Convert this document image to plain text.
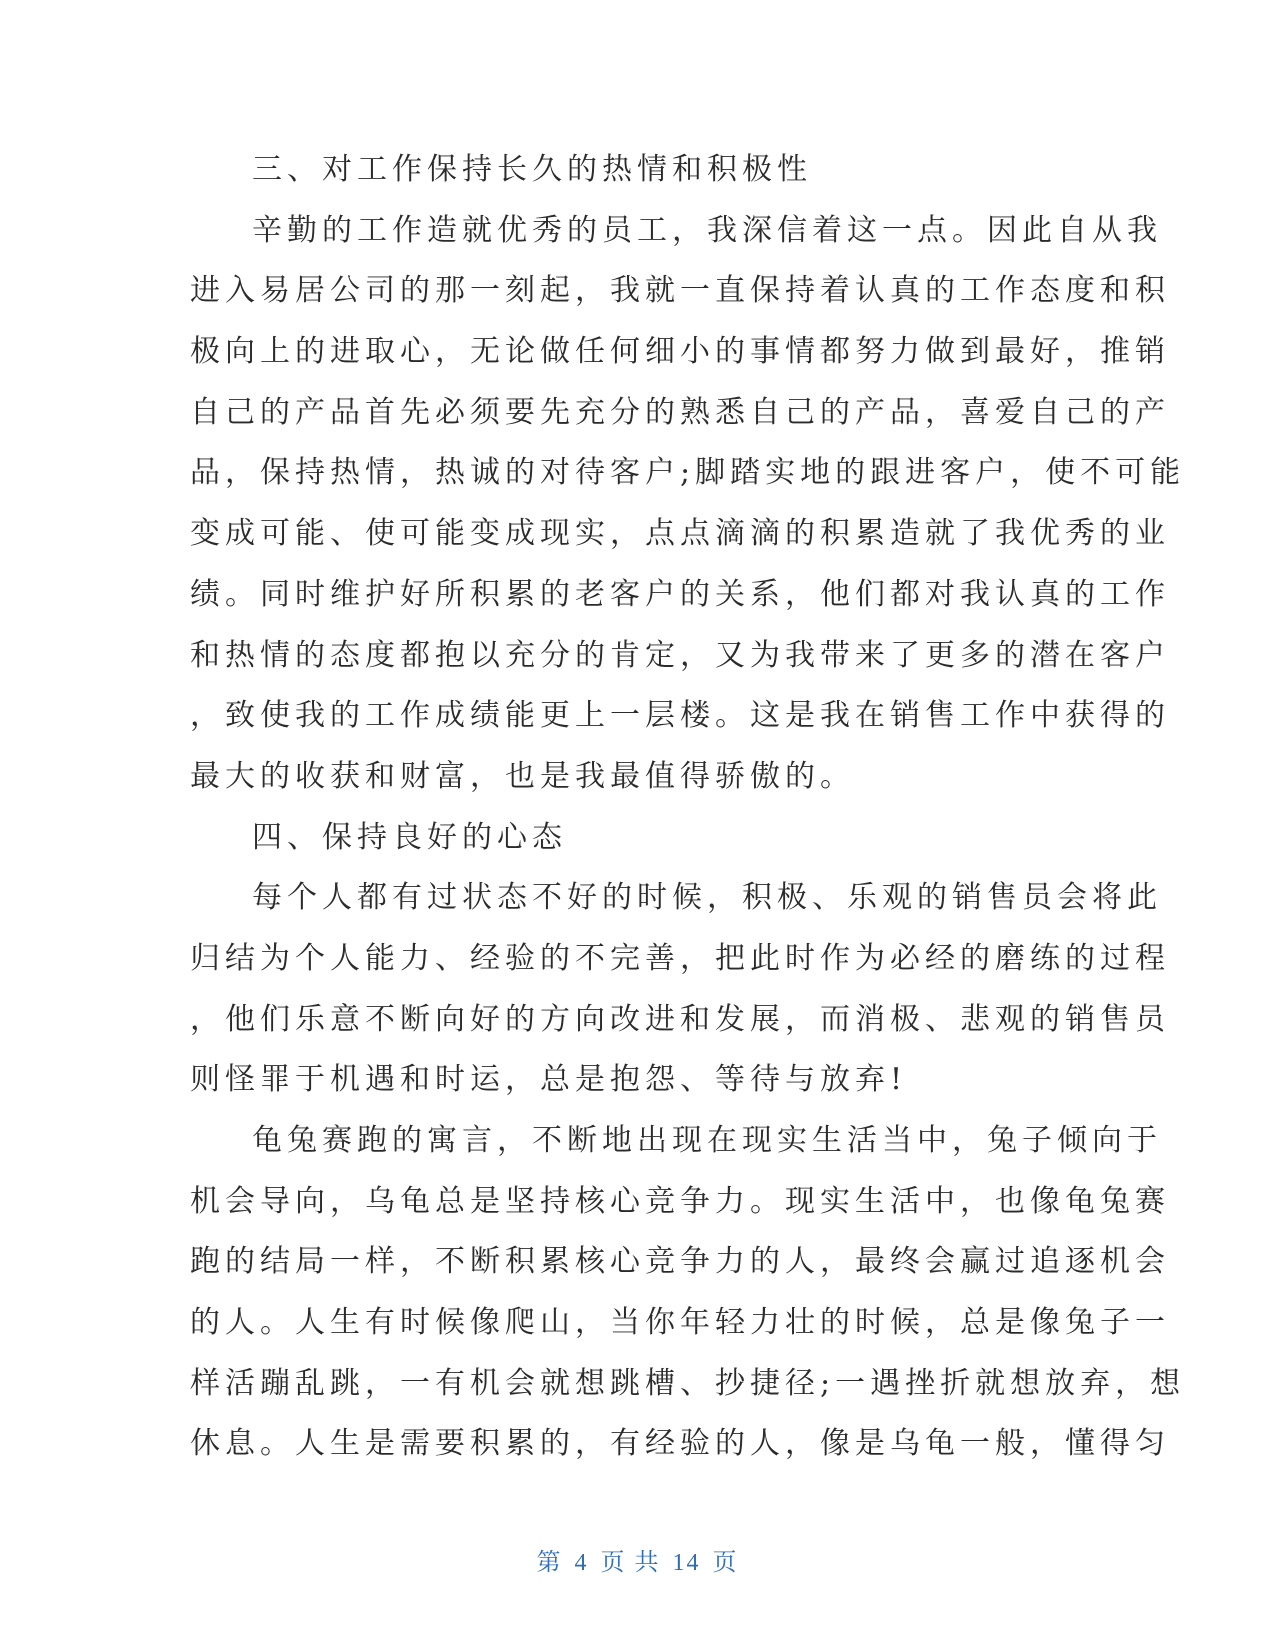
三、对工作保持长久的热情和积极性
辛勤的工作造就优秀的员工，我深信着这一点。因此自从我
进入易居公司的那一刻起，我就一直保持着认真的工作态度和积
极向上的进取心，无论做任何细小的事情都努力做到最好，推销
自己的产品首先必须要先充分的熟悉自己的产品，喜爱自己的产
品，保持热情，热诚的对待客户;脚踏实地的跟进客户，使不可能
变成可能、使可能变成现实，点点滴滴的积累造就了我优秀的业
绩。同时维护好所积累的老客户的关系，他们都对我认真的工作
和热情的态度都抱以充分的肯定，又为我带来了更多的潜在客户
，致使我的工作成绩能更上一层楼。这是我在销售工作中获得的
最大的收获和财富，也是我最值得骄傲的。
四、保持良好的心态
每个人都有过状态不好的时候，积极、乐观的销售员会将此
归结为个人能力、经验的不完善，把此时作为必经的磨练的过程
，他们乐意不断向好的方向改进和发展，而消极、悲观的销售员
则怪罪于机遇和时运，总是抱怨、等待与放弃!
龟兔赛跑的寓言，不断地出现在现实生活当中，兔子倾向于
机会导向，乌龟总是坚持核心竞争力。现实生活中，也像龟兔赛
跑的结局一样，不断积累核心竞争力的人，最终会赢过追逐机会
的人。人生有时候像爬山，当你年轻力壮的时候，总是像兔子一
样活蹦乱跳，一有机会就想跳槽、抄捷径;一遇挫折就想放弃，想
休息。人生是需要积累的，有经验的人，像是乌龟一般，懂得匀
第 4 页 共 14 页
